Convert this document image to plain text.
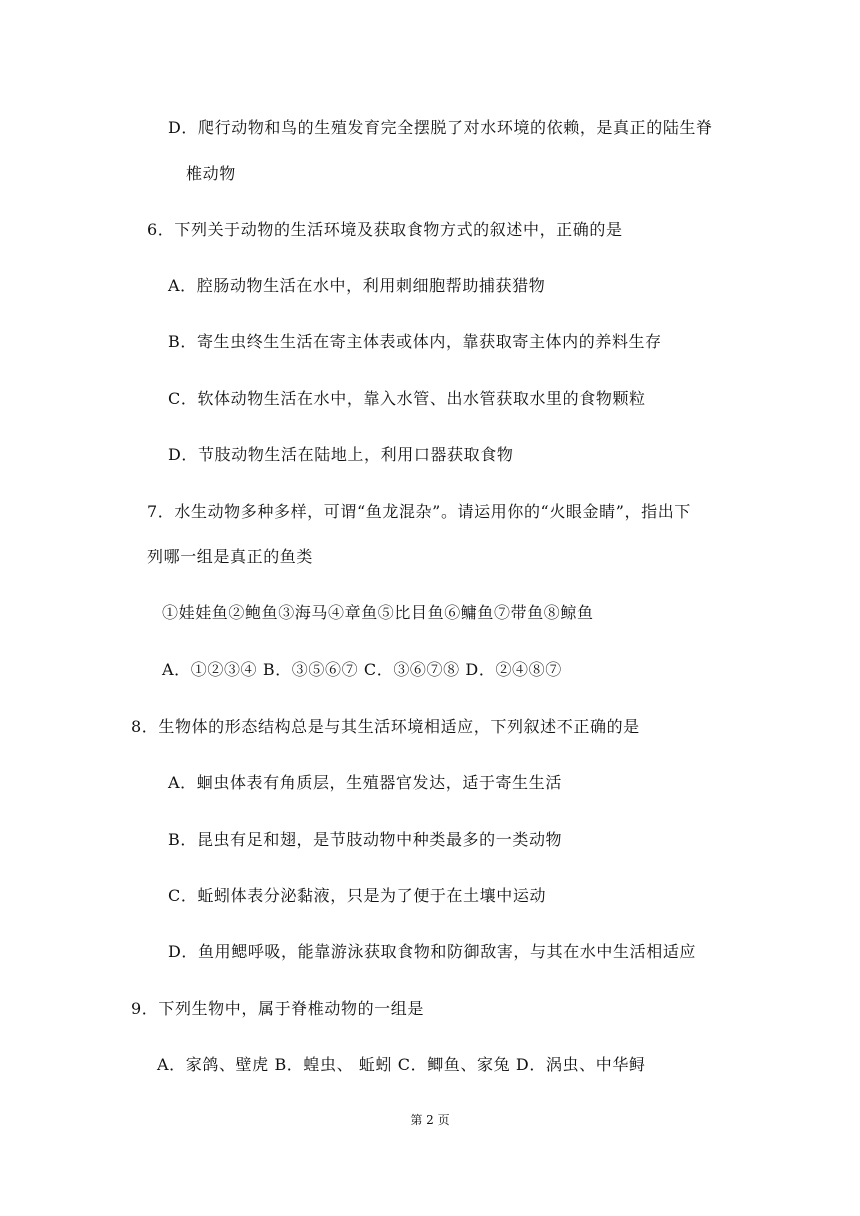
D．爬行动物和鸟的生殖发育完全摆脱了对水环境的依赖，是真正的陆生脊
椎动物
6．下列关于动物的生活环境及获取食物方式的叙述中，正确的是
A．腔肠动物生活在水中，利用刺细胞帮助捕获猎物
B．寄生虫终生生活在寄主体表或体内，靠获取寄主体内的养料生存
C．软体动物生活在水中，靠入水管、出水管获取水里的食物颗粒
D．节肢动物生活在陆地上，利用口器获取食物
7．水生动物多种多样，可谓“鱼龙混杂”。请运用你的“火眼金睛”，指出下
列哪一组是真正的鱼类
①娃娃鱼②鲍鱼③海马④章鱼⑤比目鱼⑥鳙鱼⑦带鱼⑧鲸鱼
A．①②③④ B．③⑤⑥⑦ C．③⑥⑦⑧ D．②④⑧⑦
8．生物体的形态结构总是与其生活环境相适应，下列叙述不正确的是
A．蛔虫体表有角质层，生殖器官发达，适于寄生生活
B．昆虫有足和翅，是节肢动物中种类最多的一类动物
C．蚯蚓体表分泌黏液，只是为了便于在土壤中运动
D．鱼用鳃呼吸，能靠游泳获取食物和防御敌害，与其在水中生活相适应
9．下列生物中，属于脊椎动物的一组是
A．家鸽、壁虎 B．蝗虫、 蚯蚓 C．鲫鱼、家兔 D．涡虫、中华鲟
第 2 页
